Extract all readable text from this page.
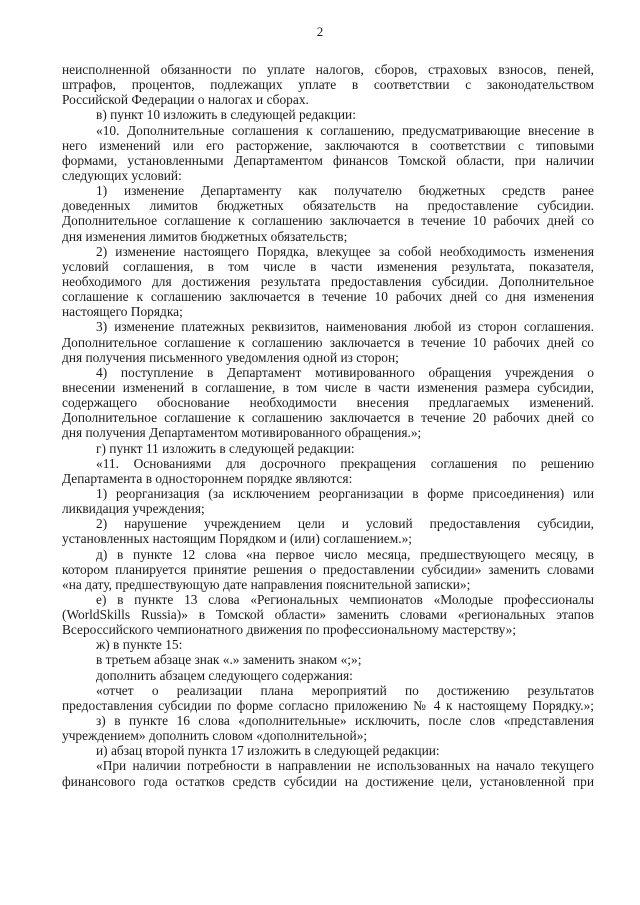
2
неисполненной обязанности по уплате налогов, сборов, страховых взносов, пеней,
штрафов, процентов, подлежащих уплате в соответствии с законодательством
Российской Федерации о налогах и сборах.
в) пункт 10 изложить в следующей редакции:
«10. Дополнительные соглашения к соглашению, предусматривающие внесение в
него изменений или его расторжение, заключаются в соответствии с типовыми
формами, установленными Департаментом финансов Томской области, при наличии
следующих условий:
1) изменение Департаменту как получателю бюджетных средств ранее
доведенных лимитов бюджетных обязательств на предоставление субсидии.
Дополнительное соглашение к соглашению заключается в течение 10 рабочих дней со
дня изменения лимитов бюджетных обязательств;
2) изменение настоящего Порядка, влекущее за собой необходимость изменения
условий соглашения, в том числе в части изменения результата, показателя,
необходимого для достижения результата предоставления субсидии. Дополнительное
соглашение к соглашению заключается в течение 10 рабочих дней со дня изменения
настоящего Порядка;
3) изменение платежных реквизитов, наименования любой из сторон соглашения.
Дополнительное соглашение к соглашению заключается в течение 10 рабочих дней со
дня получения письменного уведомления одной из сторон;
4) поступление в Департамент мотивированного обращения учреждения о
внесении изменений в соглашение, в том числе в части изменения размера субсидии,
содержащего обоснование необходимости внесения предлагаемых изменений.
Дополнительное соглашение к соглашению заключается в течение 20 рабочих дней со
дня получения Департаментом мотивированного обращения.»;
г) пункт 11 изложить в следующей редакции:
«11. Основаниями для досрочного прекращения соглашения по решению
Департамента в одностороннем порядке являются:
1) реорганизация (за исключением реорганизации в форме присоединения) или
ликвидация учреждения;
2) нарушение учреждением цели и условий предоставления субсидии,
установленных настоящим Порядком и (или) соглашением.»;
д) в пункте 12 слова «на первое число месяца, предшествующего месяцу, в
котором планируется принятие решения о предоставлении субсидии» заменить словами
«на дату, предшествующую дате направления пояснительной записки»;
е) в пункте 13 слова «Региональных чемпионатов «Молодые профессионалы
(WorldSkills Russia)» в Томской области» заменить словами «региональных этапов
Всероссийского чемпионатного движения по профессиональному мастерству»;
ж) в пункте 15:
в третьем абзаце знак «.» заменить знаком «;»;
дополнить абзацем следующего содержания:
«отчет о реализации плана мероприятий по достижению результатов
предоставления субсидии по форме согласно приложению № 4 к настоящему Порядку.»;
з) в пункте 16 слова «дополнительные» исключить, после слов «представления
учреждением» дополнить словом «дополнительной»;
и) абзац второй пункта 17 изложить в следующей редакции:
«При наличии потребности в направлении не использованных на начало текущего
финансового года остатков средств субсидии на достижение цели, установленной при
